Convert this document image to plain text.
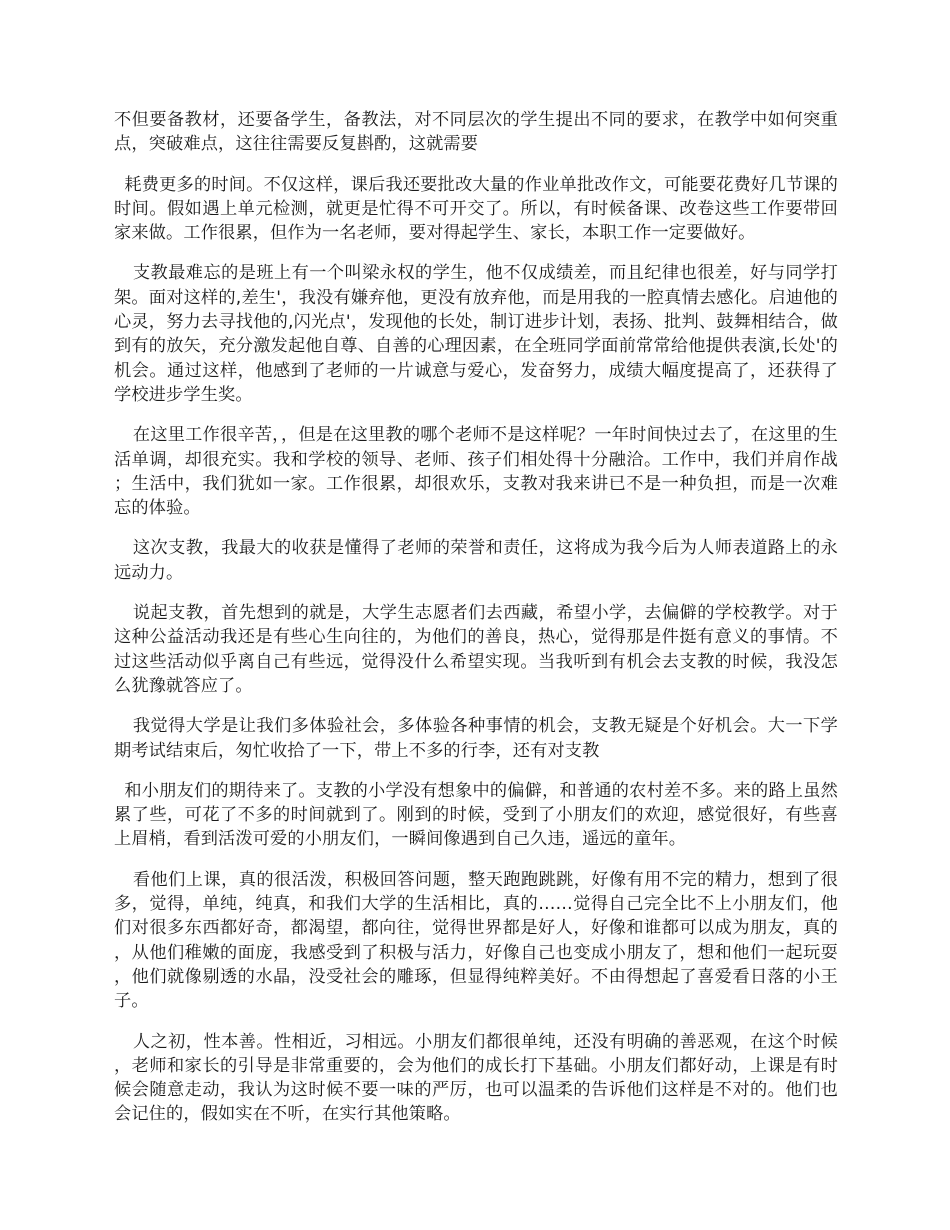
不但要备教材，还要备学生，备教法，对不同层次的学生提出不同的要求，在教学中如何突重点，突破难点，这往往需要反复斟酌，这就需要

耗费更多的时间。不仅这样，课后我还要批改大量的作业单批改作文，可能要花费好几节课的时间。假如遇上单元检测，就更是忙得不可开交了。所以，有时候备课、改卷这些工作要带回家来做。工作很累，但作为一名老师，要对得起学生、家长，本职工作一定要做好。

支教最难忘的是班上有一个叫梁永权的学生，他不仅成绩差，而且纪律也很差，好与同学打架。面对这样的,差生'，我没有嫌弃他，更没有放弃他，而是用我的一腔真情去感化。启迪他的心灵，努力去寻找他的,闪光点'，发现他的长处，制订进步计划，表扬、批判、鼓舞相结合，做到有的放矢，充分激发起他自尊、自善的心理因素，在全班同学面前常常给他提供表演,长处'的机会。通过这样，他感到了老师的一片诚意与爱心，发奋努力，成绩大幅度提高了，还获得了学校进步学生奖。

在这里工作很辛苦，，但是在这里教的哪个老师不是这样呢？一年时间快过去了，在这里的生活单调，却很充实。我和学校的领导、老师、孩子们相处得十分融洽。工作中，我们并肩作战；生活中，我们犹如一家。工作很累，却很欢乐，支教对我来讲已不是一种负担，而是一次难忘的体验。

这次支教，我最大的收获是懂得了老师的荣誉和责任，这将成为我今后为人师表道路上的永远动力。

说起支教，首先想到的就是，大学生志愿者们去西藏，希望小学，去偏僻的学校教学。对于这种公益活动我还是有些心生向往的，为他们的善良，热心，觉得那是件挺有意义的事情。不过这些活动似乎离自己有些远，觉得没什么希望实现。当我听到有机会去支教的时候，我没怎么犹豫就答应了。

我觉得大学是让我们多体验社会，多体验各种事情的机会，支教无疑是个好机会。大一下学期考试结束后，匆忙收拾了一下，带上不多的行李，还有对支教

和小朋友们的期待来了。支教的小学没有想象中的偏僻，和普通的农村差不多。来的路上虽然累了些，可花了不多的时间就到了。刚到的时候，受到了小朋友们的欢迎，感觉很好，有些喜上眉梢，看到活泼可爱的小朋友们，一瞬间像遇到自己久违，遥远的童年。

看他们上课，真的很活泼，积极回答问题，整天跑跑跳跳，好像有用不完的精力，想到了很多，觉得，单纯，纯真，和我们大学的生活相比，真的……觉得自己完全比不上小朋友们，他们对很多东西都好奇，都渴望，都向往，觉得世界都是好人，好像和谁都可以成为朋友，真的，从他们稚嫩的面庞，我感受到了积极与活力，好像自己也变成小朋友了，想和他们一起玩耍，他们就像剔透的水晶，没受社会的雕琢，但显得纯粹美好。不由得想起了喜爱看日落的小王子。

人之初，性本善。性相近，习相远。小朋友们都很单纯，还没有明确的善恶观，在这个时候，老师和家长的引导是非常重要的，会为他们的成长打下基础。小朋友们都好动，上课是有时候会随意走动，我认为这时候不要一味的严厉，也可以温柔的告诉他们这样是不对的。他们也会记住的，假如实在不听，在实行其他策略。
